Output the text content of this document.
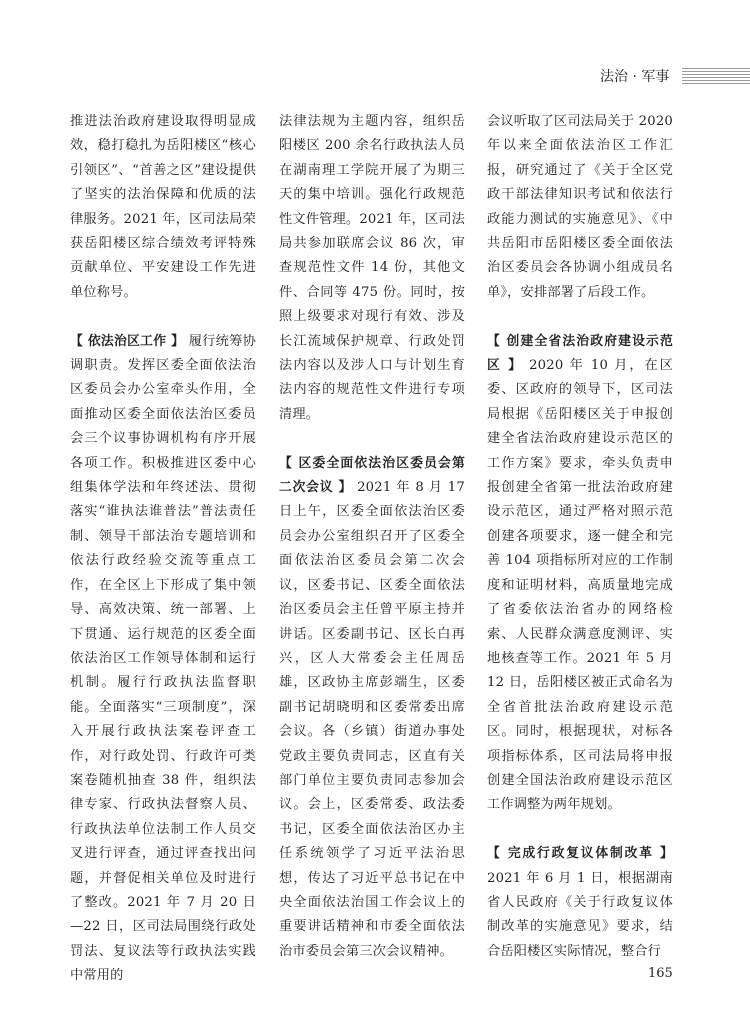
法治 · 军事

推进法治政府建设取得明显成效，稳打稳扎为岳阳楼区“核心引领区”、“首善之区”建设提供了坚实的法治保障和优质的法律服务。2021 年，区司法局荣获岳阳楼区综合绩效考评特殊贡献单位、平安建设工作先进单位称号。

【 依法治区工作 】 履行统筹协调职责。发挥区委全面依法治区委员会办公室牵头作用，全面推动区委全面依法治区委员会三个议事协调机构有序开展各项工作。积极推进区委中心组集体学法和年终述法、贯彻落实“谁执法谁普法”普法责任制、领导干部法治专题培训和依法行政经验交流等重点工作，在全区上下形成了集中领导、高效决策、统一部署、上下贯通、运行规范的区委全面依法治区工作领导体制和运行机制。履行行政执法监督职能。全面落实“三项制度”，深入开展行政执法案卷评查工作，对行政处罚、行政许可类案卷随机抽查 38 件，组织法律专家、行政执法督察人员、行政执法单位法制工作人员交叉进行评查，通过评查找出问题，并督促相关单位及时进行了整改。2021 年 7 月 20 日—22 日，区司法局围绕行政处罚法、复议法等行政执法实践中常用的

法律法规为主题内容，组织岳阳楼区 200 余名行政执法人员在湖南理工学院开展了为期三天的集中培训。强化行政规范性文件管理。2021 年，区司法局共参加联席会议 86 次，审查规范性文件 14 份，其他文件、合同等 475 份。同时，按照上级要求对现行有效、涉及长江流域保护规章、行政处罚法内容以及涉人口与计划生育法内容的规范性文件进行专项清理。

【 区委全面依法治区委员会第二次会议 】 2021 年 8 月 17 日上午，区委全面依法治区委员会办公室组织召开了区委全面依法治区委员会第二次会议，区委书记、区委全面依法治区委员会主任曾平原主持并讲话。区委副书记、区长白再兴，区人大常委会主任周岳雄，区政协主席彭端生，区委副书记胡晓明和区委常委出席会议。各（乡镇）街道办事处党政主要负责同志，区直有关部门单位主要负责同志参加会议。会上，区委常委、政法委书记，区委全面依法治区办主任系统领学了习近平法治思想，传达了习近平总书记在中央全面依法治国工作会议上的重要讲话精神和市委全面依法治市委员会第三次会议精神。

会议听取了区司法局关于 2020 年以来全面依法治区工作汇报，研究通过了《关于全区党政干部法律知识考试和依法行政能力测试的实施意见》、《中共岳阳市岳阳楼区委全面依法治区委员会各协调小组成员名单》，安排部署了后段工作。

【 创建全省法治政府建设示范区 】 2020 年 10 月，在区委、区政府的领导下，区司法局根据《岳阳楼区关于申报创建全省法治政府建设示范区的工作方案》要求，牵头负责申报创建全省第一批法治政府建设示范区，通过严格对照示范创建各项要求，逐一健全和完善 104 项指标所对应的工作制度和证明材料，高质量地完成了省委依法治省办的网络检索、人民群众满意度测评、实地核查等工作。2021 年 5 月 12 日，岳阳楼区被正式命名为全省首批法治政府建设示范区。同时，根据现状，对标各项指标体系，区司法局将申报创建全国法治政府建设示范区工作调整为两年规划。

【 完成行政复议体制改革 】 2021 年 6 月 1 日，根据湖南省人民政府《关于行政复议体制改革的实施意见》要求，结合岳阳楼区实际情况，整合行

165
